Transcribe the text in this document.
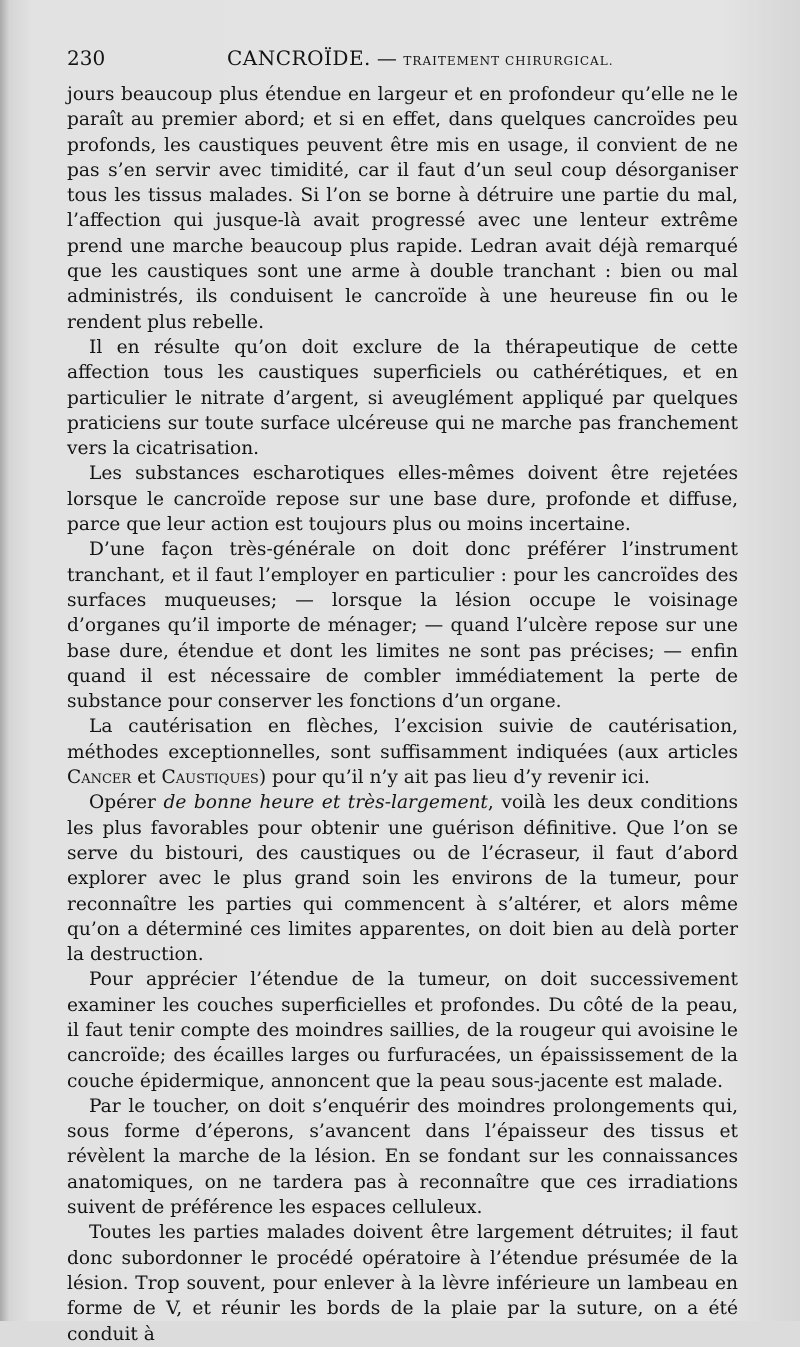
230	CANCROÏDE. — TRAITEMENT CHIRURGICAL.

jours beaucoup plus étendue en largeur et en profondeur qu’elle ne le paraît au premier abord; et si en effet, dans quelques cancroïdes peu profonds, les caustiques peuvent être mis en usage, il convient de ne pas s’en servir avec timidité, car il faut d’un seul coup désorganiser tous les tissus malades. Si l’on se borne à détruire une partie du mal, l’affection qui jusque-là avait progressé avec une lenteur extrême prend une marche beaucoup plus rapide. Ledran avait déjà remarqué que les caustiques sont une arme à double tranchant : bien ou mal administrés, ils conduisent le cancroïde à une heureuse fin ou le rendent plus rebelle.

Il en résulte qu’on doit exclure de la thérapeutique de cette affection tous les caustiques superficiels ou cathérétiques, et en particulier le nitrate d’argent, si aveuglément appliqué par quelques praticiens sur toute surface ulcéreuse qui ne marche pas franchement vers la cicatrisation.

Les substances escharotiques elles-mêmes doivent être rejetées lorsque le cancroïde repose sur une base dure, profonde et diffuse, parce que leur action est toujours plus ou moins incertaine.

D’une façon très-générale on doit donc préférer l’instrument tranchant, et il faut l’employer en particulier : pour les cancroïdes des surfaces muqueuses; — lorsque la lésion occupe le voisinage d’organes qu’il importe de ménager; — quand l’ulcère repose sur une base dure, étendue et dont les limites ne sont pas précises; — enfin quand il est nécessaire de combler immédiatement la perte de substance pour conserver les fonctions d’un organe.

La cautérisation en flèches, l’excision suivie de cautérisation, méthodes exceptionnelles, sont suffisamment indiquées (aux articles Cancer et Caustiques) pour qu’il n’y ait pas lieu d’y revenir ici.

Opérer de bonne heure et très-largement, voilà les deux conditions les plus favorables pour obtenir une guérison définitive. Que l’on se serve du bistouri, des caustiques ou de l’écraseur, il faut d’abord explorer avec le plus grand soin les environs de la tumeur, pour reconnaître les parties qui commencent à s’altérer, et alors même qu’on a déterminé ces limites apparentes, on doit bien au delà porter la destruction.

Pour apprécier l’étendue de la tumeur, on doit successivement examiner les couches superficielles et profondes. Du côté de la peau, il faut tenir compte des moindres saillies, de la rougeur qui avoisine le cancroïde; des écailles larges ou furfuracées, un épaississement de la couche épidermique, annoncent que la peau sous-jacente est malade.

Par le toucher, on doit s’enquérir des moindres prolongements qui, sous forme d’éperons, s’avancent dans l’épaisseur des tissus et révèlent la marche de la lésion. En se fondant sur les connaissances anatomiques, on ne tardera pas à reconnaître que ces irradiations suivent de préférence les espaces celluleux.

Toutes les parties malades doivent être largement détruites; il faut donc subordonner le procédé opératoire à l’étendue présumée de la lésion. Trop souvent, pour enlever à la lèvre inférieure un lambeau en forme de V, et réunir les bords de la plaie par la suture, on a été conduit à
